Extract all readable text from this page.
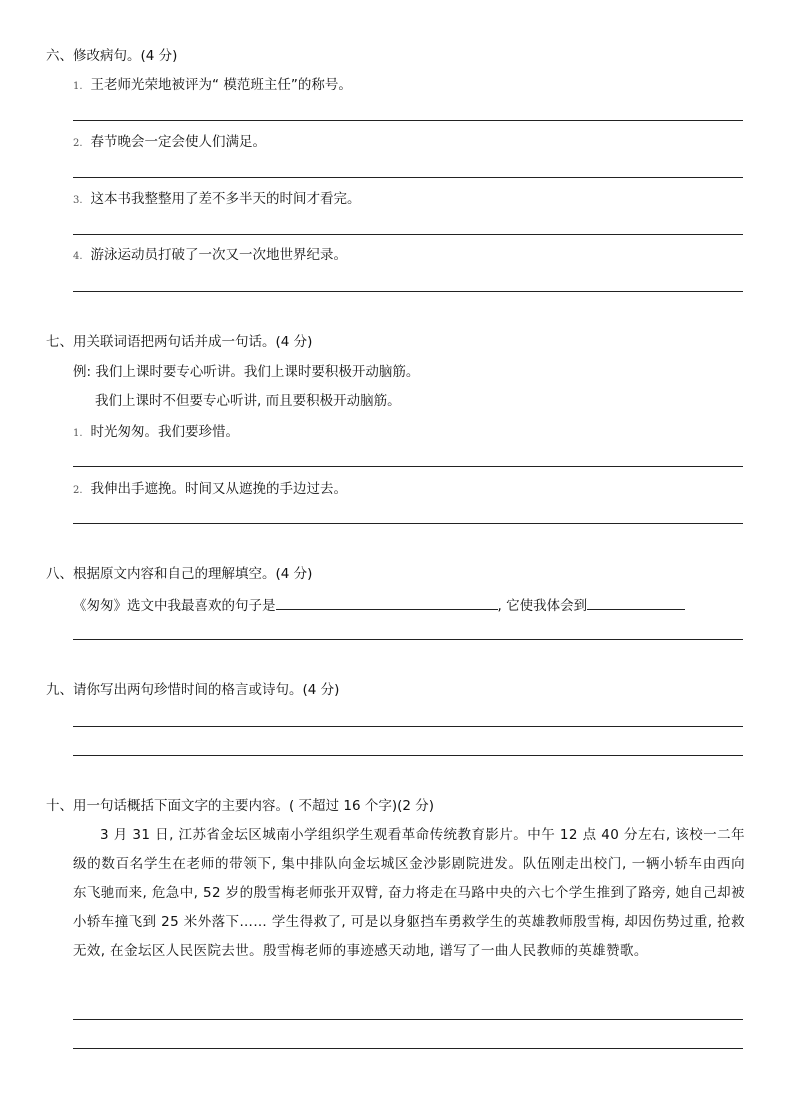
六、修改病句。(4 分)
1. 王老师光荣地被评为“ 模范班主任”的称号。
2. 春节晚会一定会使人们满足。
3. 这本书我整整用了差不多半天的时间才看完。
4. 游泳运动员打破了一次又一次地世界纪录。
七、用关联词语把两句话并成一句话。(4 分)
例: 我们上课时要专心听讲。我们上课时要积极开动脑筋。
我们上课时不但要专心听讲, 而且要积极开动脑筋。
1. 时光匆匆。我们要珍惜。
2. 我伸出手遮挽。时间又从遮挽的手边过去。
八、根据原文内容和自己的理解填空。(4 分)
《匆匆》选文中我最喜欢的句子是	, 它使我体会到
九、请你写出两句珍惜时间的格言或诗句。(4 分)
十、用一句话概括下面文字的主要内容。( 不超过 16 个字)(2 分)
3 月 31 日, 江苏省金坛区城南小学组织学生观看革命传统教育影片。中午 12 点 40 分左右, 该校一二年级的数百名学生在老师的带领下, 集中排队向金坛城区金沙影剧院进发。队伍刚走出校门, 一辆小轿车由西向东飞驰而来, 危急中, 52 岁的殷雪梅老师张开双臂, 奋力将走在马路中央的六七个学生推到了路旁, 她自己却被小轿车撞飞到 25 米外落下…… 学生得救了, 可是以身躯挡车勇救学生的英雄教师殷雪梅, 却因伤势过重, 抢救无效, 在金坛区人民医院去世。殷雪梅老师的事迹感天动地, 谱写了一曲人民教师的英雄赞歌。
